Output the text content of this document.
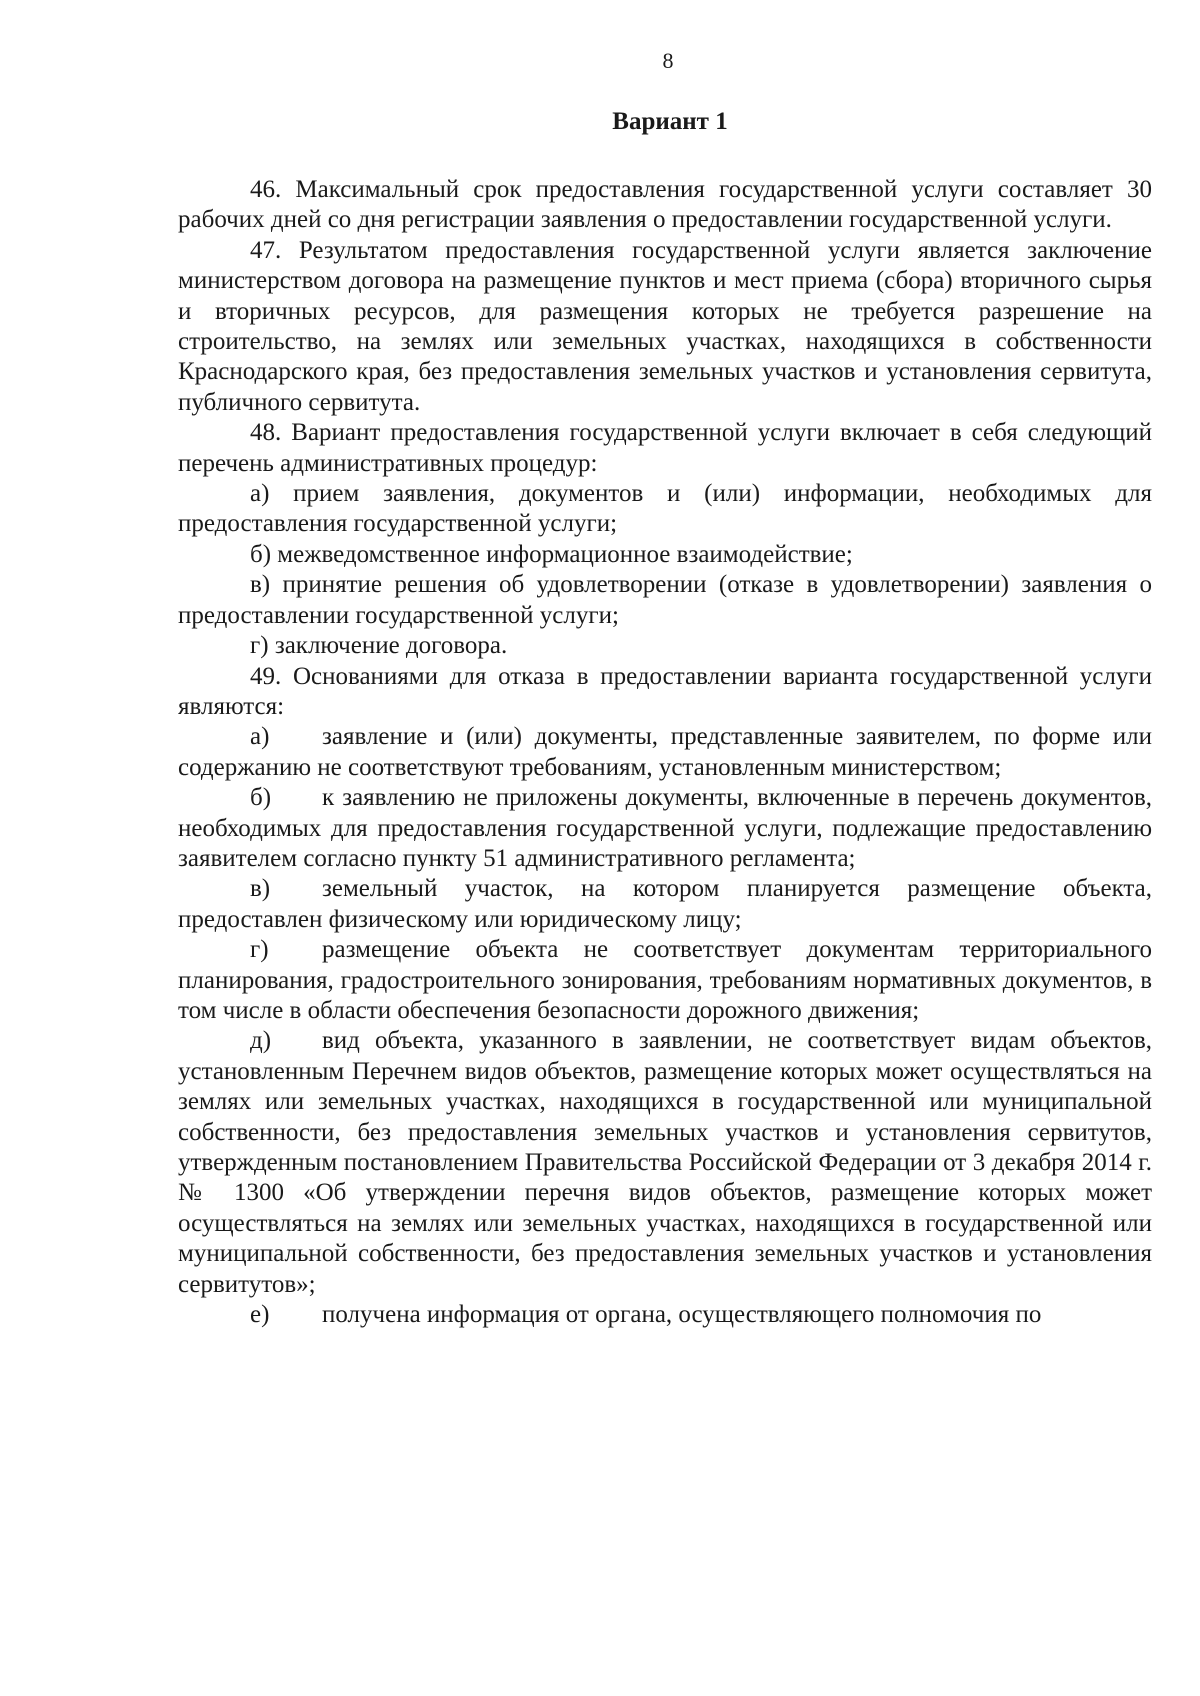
8
Вариант 1

46. Максимальный срок предоставления государственной услуги составляет 30 рабочих дней со дня регистрации заявления о предоставлении государственной услуги.

47. Результатом предоставления государственной услуги является заключение министерством договора на размещение пунктов и мест приема (сбора) вторичного сырья и вторичных ресурсов, для размещения которых не требуется разрешение на строительство, на землях или земельных участках, находящихся в собственности Краснодарского края, без предоставления земельных участков и установления сервитута, публичного сервитута.

48. Вариант предоставления государственной услуги включает в себя следующий перечень административных процедур:

а) прием заявления, документов и (или) информации, необходимых для предоставления государственной услуги;

б) межведомственное информационное взаимодействие;

в) принятие решения об удовлетворении (отказе в удовлетворении) заявления о предоставлении государственной услуги;

г) заключение договора.

49. Основаниями для отказа в предоставлении варианта государственной услуги являются:

а) заявление и (или) документы, представленные заявителем, по форме или содержанию не соответствуют требованиям, установленным министерством;

б) к заявлению не приложены документы, включенные в перечень документов, необходимых для предоставления государственной услуги, подлежащие предоставлению заявителем согласно пункту 51 административного регламента;

в) земельный участок, на котором планируется размещение объекта, предоставлен физическому или юридическому лицу;

г) размещение объекта не соответствует документам территориального планирования, градостроительного зонирования, требованиям нормативных документов, в том числе в области обеспечения безопасности дорожного движения;

д) вид объекта, указанного в заявлении, не соответствует видам объектов, установленным Перечнем видов объектов, размещение которых может осуществляться на землях или земельных участках, находящихся в государственной или муниципальной собственности, без предоставления земельных участков и установления сервитутов, утвержденным постановлением Правительства Российской Федерации от 3 декабря 2014 г. № 1300 «Об утверждении перечня видов объектов, размещение которых может осуществляться на землях или земельных участках, находящихся в государственной или муниципальной собственности, без предоставления земельных участков и установления сервитутов»;

е) получена информация от органа, осуществляющего полномочия по
